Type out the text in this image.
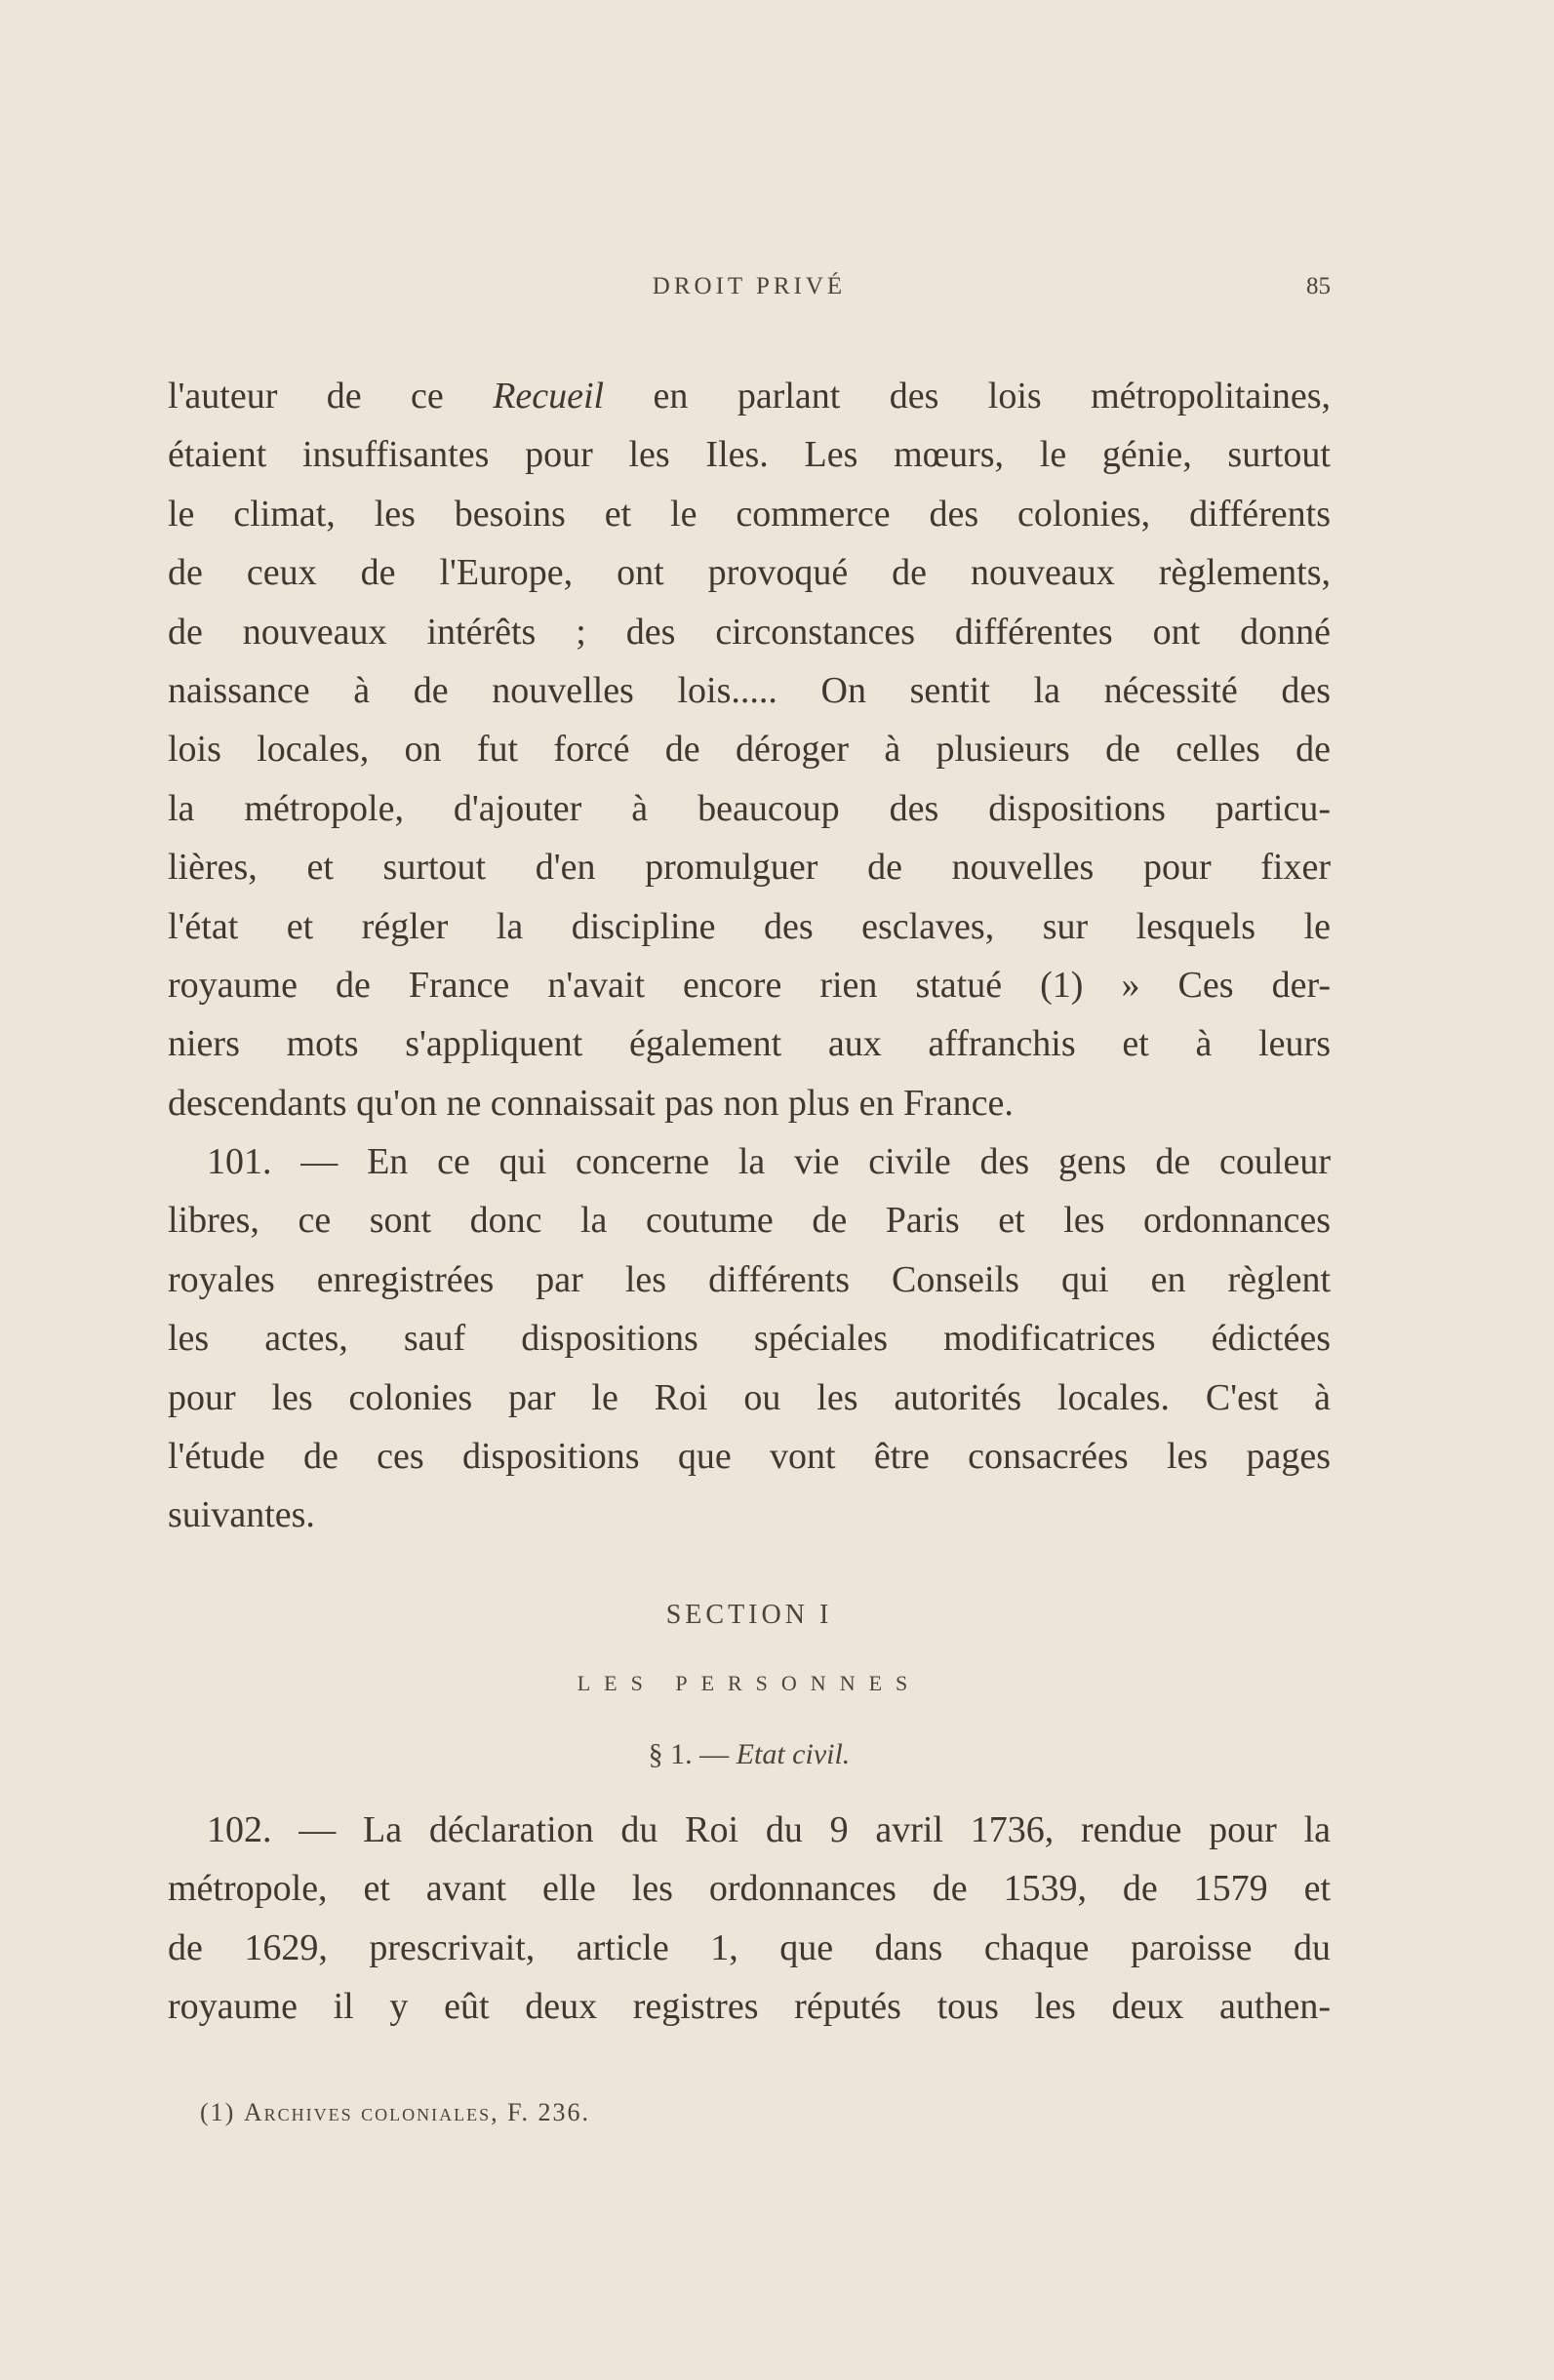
DROIT PRIVÉ	85
l'auteur de ce Recueil en parlant des lois métropolitaines,
étaient insuffisantes pour les Iles. Les mœurs, le génie, surtout
le climat, les besoins et le commerce des colonies, différents
de ceux de l'Europe, ont provoqué de nouveaux règlements,
de nouveaux intérêts ; des circonstances différentes ont donné
naissance à de nouvelles lois..... On sentit la nécessité des
lois locales, on fut forcé de déroger à plusieurs de celles de
la métropole, d'ajouter à beaucoup des dispositions particu-
lières, et surtout d'en promulguer de nouvelles pour fixer
l'état et régler la discipline des esclaves, sur lesquels le
royaume de France n'avait encore rien statué (1) » Ces der-
niers mots s'appliquent également aux affranchis et à leurs
descendants qu'on ne connaissait pas non plus en France.
101. — En ce qui concerne la vie civile des gens de couleur
libres, ce sont donc la coutume de Paris et les ordonnances
royales enregistrées par les différents Conseils qui en règlent
les actes, sauf dispositions spéciales modificatrices édictées
pour les colonies par le Roi ou les autorités locales. C'est à
l'étude de ces dispositions que vont être consacrées les pages
suivantes.
SECTION I
LES PERSONNES
§ 1. — Etat civil.
102. — La déclaration du Roi du 9 avril 1736, rendue pour la
métropole, et avant elle les ordonnances de 1539, de 1579 et
de 1629, prescrivait, article 1, que dans chaque paroisse du
royaume il y eût deux registres réputés tous les deux authen-
(1) Archives coloniales, F. 236.
